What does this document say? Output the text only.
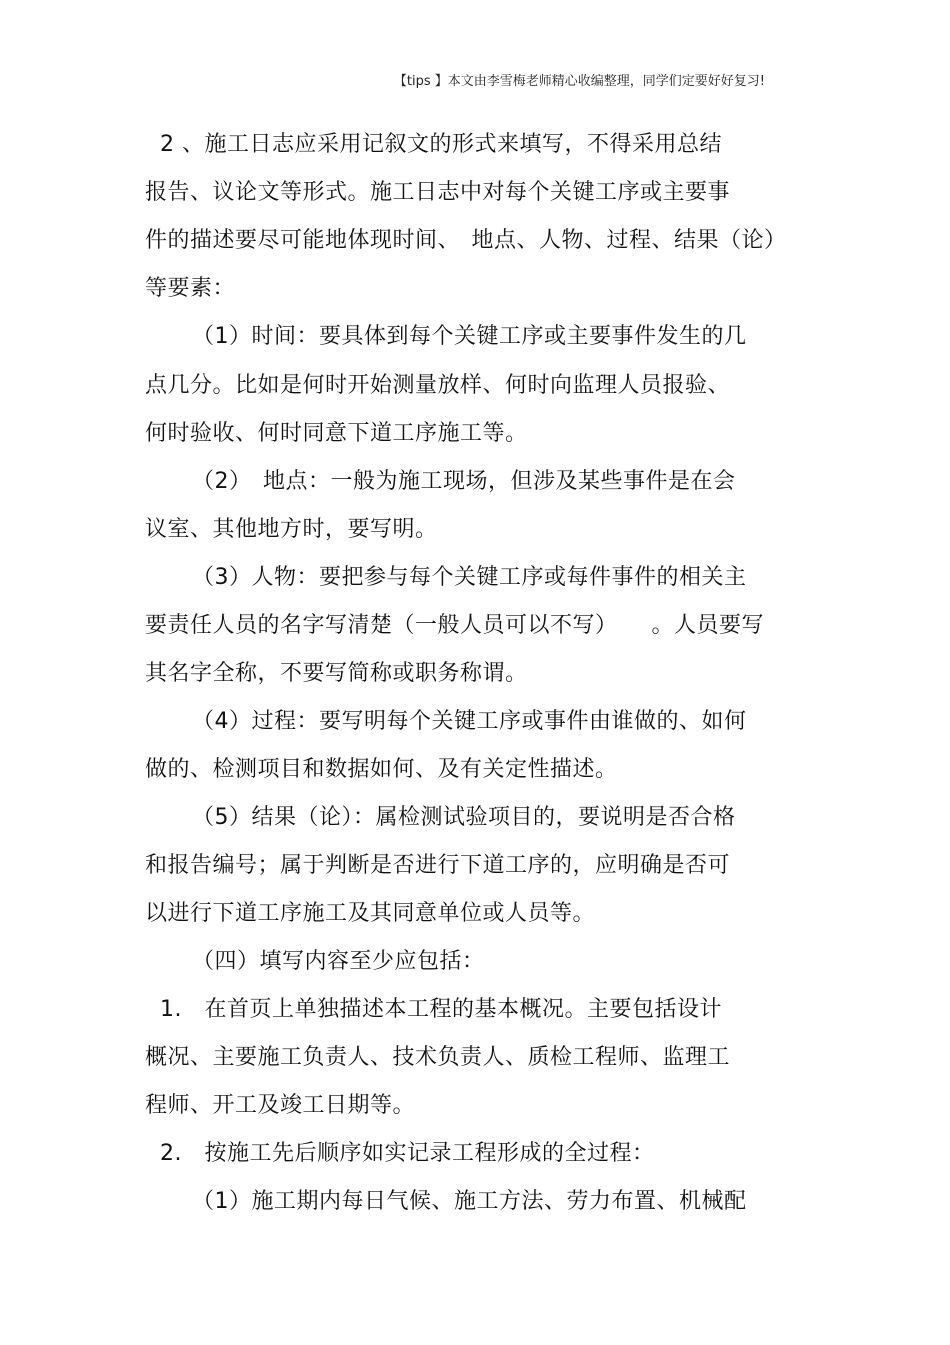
【tips 】本文由李雪梅老师精心收编整理，同学们定要好好复习!
2 、施工日志应采用记叙文的形式来填写，不得采用总结
报告、议论文等形式。施工日志中对每个关键工序或主要事
件的描述要尽可能地体现时间、　地点、人物、过程、结果（论）
等要素：
（1）时间：要具体到每个关键工序或主要事件发生的几
点几分。比如是何时开始测量放样、何时向监理人员报验、
何时验收、何时同意下道工序施工等。
（2）　地点：一般为施工现场，但涉及某些事件是在会
议室、其他地方时，要写明。
（3）人物：要把参与每个关键工序或每件事件的相关主
要责任人员的名字写清楚（一般人员可以不写）　　。人员要写
其名字全称，不要写简称或职务称谓。
（4）过程：要写明每个关键工序或事件由谁做的、如何
做的、检测项目和数据如何、及有关定性描述。
（5）结果（论）：属检测试验项目的，要说明是否合格
和报告编号；属于判断是否进行下道工序的，应明确是否可
以进行下道工序施工及其同意单位或人员等。
（四）填写内容至少应包括：
1.　在首页上单独描述本工程的基本概况。主要包括设计
概况、主要施工负责人、技术负责人、质检工程师、监理工
程师、开工及竣工日期等。
2.　按施工先后顺序如实记录工程形成的全过程：
（1）施工期内每日气候、施工方法、劳力布置、机械配
